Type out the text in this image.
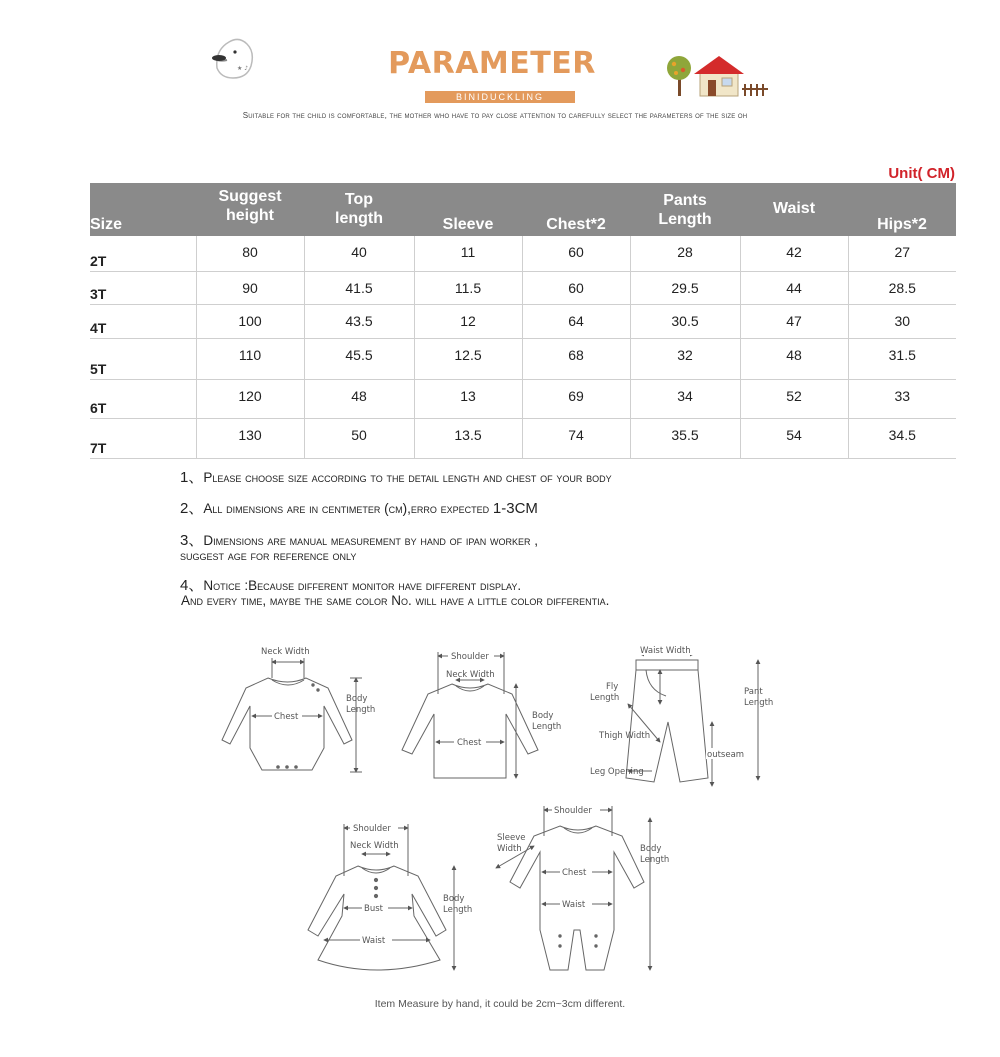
★ ♪	PARAMETER
BINIDUCKLING
Suitable for the child is comfortable, the mother who have to pay close attention to carefully select the parameters of the size oh
Unit( CM)
Size	Suggest height	Top length	Sleeve	Chest*2	Pants Length	Waist	Hips*2
2T	80	40	11	60	28	42	27
3T	90	41.5	11.5	60	29.5	44	28.5
4T	100	43.5	12	64	30.5	47	30
5T	110	45.5	12.5	68	32	48	31.5
6T	120	48	13	69	34	52	33
7T	130	50	13.5	74	35.5	54	34.5
1、Please choose size according to the detail length and chest of your body
2、All dimensions are in centimeter (cm),erro expected 1-3CM
3、Dimensions are manual measurement by hand of ipan worker ,
suggest age for reference only
4、Notice :Because different monitor have different display.
And every time, maybe the same color No. will have a little color differentia.
Neck Width
Body
Length
Chest
Shoulder
Neck Width
Chest
Body
Length
Waist Width
Fly
Length
Pant
Length
Thigh Width
outseam
Leg Opening
Shoulder
Neck Width
Bust
Waist
Body
Length
Shoulder
Sleeve
Width
Chest
Waist
Body
Length
Item Measure by hand, it could be 2cm~3cm different.
